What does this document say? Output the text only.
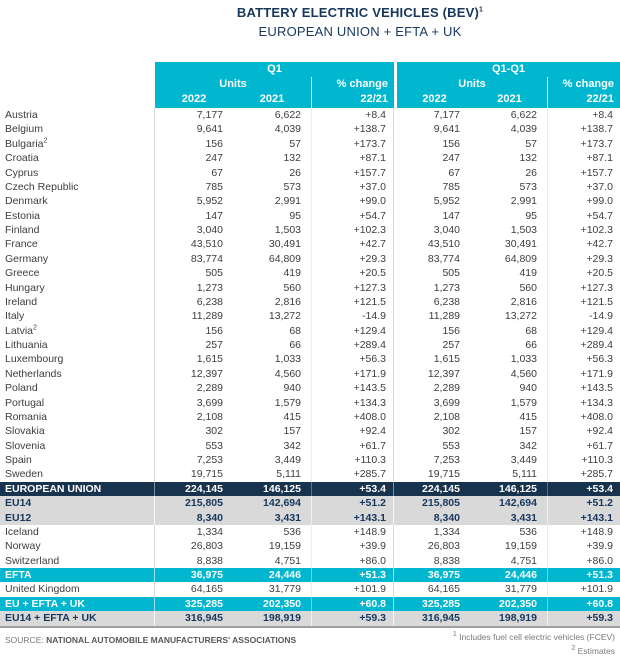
BATTERY ELECTRIC VEHICLES (BEV)$^1$
EUROPEAN UNION + EFTA + UK
Q1	Q1-Q1
Units
2022	2021
% change
22/21
Units
2022	2021
% change
22/21
Austria	7,177	6,622	+8.4	7,177	6,622	+8.4
Belgium	9,641	4,039	+138.7	9,641	4,039	+138.7
Bulgaria$^2$	156	57	+173.7	156	57	+173.7
Croatia	247	132	+87.1	247	132	+87.1
Cyprus	67	26	+157.7	67	26	+157.7
Czech Republic	785	573	+37.0	785	573	+37.0
Denmark	5,952	2,991	+99.0	5,952	2,991	+99.0
Estonia	147	95	+54.7	147	95	+54.7
Finland	3,040	1,503	+102.3	3,040	1,503	+102.3
France	43,510	30,491	+42.7	43,510	30,491	+42.7
Germany	83,774	64,809	+29.3	83,774	64,809	+29.3
Greece	505	419	+20.5	505	419	+20.5
Hungary	1,273	560	+127.3	1,273	560	+127.3
Ireland	6,238	2,816	+121.5	6,238	2,816	+121.5
Italy	11,289	13,272	-14.9	11,289	13,272	-14.9
Latvia$^2$	156	68	+129.4	156	68	+129.4
Lithuania	257	66	+289.4	257	66	+289.4
Luxembourg	1,615	1,033	+56.3	1,615	1,033	+56.3
Netherlands	12,397	4,560	+171.9	12,397	4,560	+171.9
Poland	2,289	940	+143.5	2,289	940	+143.5
Portugal	3,699	1,579	+134.3	3,699	1,579	+134.3
Romania	2,108	415	+408.0	2,108	415	+408.0
Slovakia	302	157	+92.4	302	157	+92.4
Slovenia	553	342	+61.7	553	342	+61.7
Spain	7,253	3,449	+110.3	7,253	3,449	+110.3
Sweden	19,715	5,111	+285.7	19,715	5,111	+285.7
EUROPEAN UNION	224,145	146,125	+53.4	224,145	146,125	+53.4
EU14	215,805	142,694	+51.2	215,805	142,694	+51.2
EU12	8,340	3,431	+143.1	8,340	3,431	+143.1
Iceland	1,334	536	+148.9	1,334	536	+148.9
Norway	26,803	19,159	+39.9	26,803	19,159	+39.9
Switzerland	8,838	4,751	+86.0	8,838	4,751	+86.0
EFTA	36,975	24,446	+51.3	36,975	24,446	+51.3
United Kingdom	64,165	31,779	+101.9	64,165	31,779	+101.9
EU + EFTA + UK	325,285	202,350	+60.8	325,285	202,350	+60.8
EU14 + EFTA + UK	316,945	198,919	+59.3	316,945	198,919	+59.3
SOURCE: NATIONAL AUTOMOBILE MANUFACTURERS' ASSOCIATIONS
$^1$ Includes fuel cell electric vehicles (FCEV)
$^2$ Estimates
